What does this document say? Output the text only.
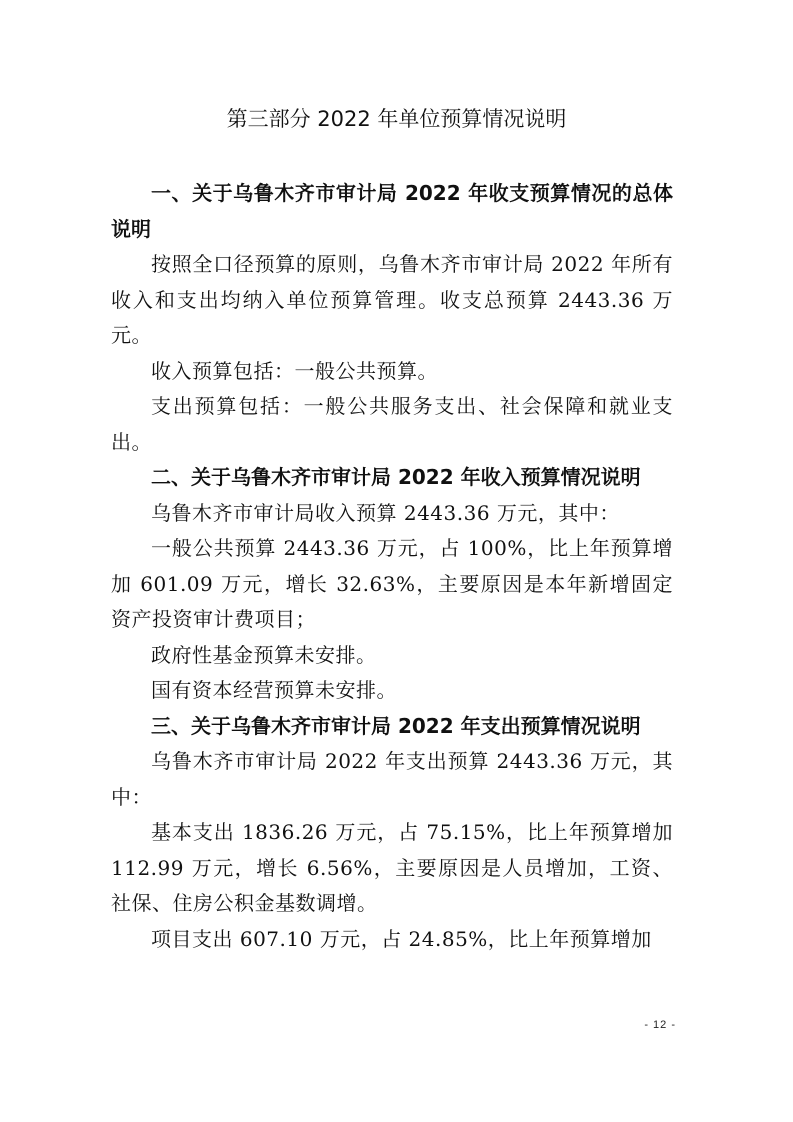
第三部分 2022 年单位预算情况说明

一、关于乌鲁木齐市审计局 2022 年收支预算情况的总体说明

按照全口径预算的原则，乌鲁木齐市审计局 2022 年所有收入和支出均纳入单位预算管理。收支总预算 2443.36 万元。

收入预算包括：一般公共预算。

支出预算包括：一般公共服务支出、社会保障和就业支出。

二、关于乌鲁木齐市审计局 2022 年收入预算情况说明

乌鲁木齐市审计局收入预算 2443.36 万元，其中：

一般公共预算 2443.36 万元，占 100%，比上年预算增加 601.09 万元，增长 32.63%，主要原因是本年新增固定资产投资审计费项目；

政府性基金预算未安排。

国有资本经营预算未安排。

三、关于乌鲁木齐市审计局 2022 年支出预算情况说明

乌鲁木齐市审计局 2022 年支出预算 2443.36 万元，其中：

基本支出 1836.26 万元，占 75.15%，比上年预算增加 112.99 万元，增长 6.56%，主要原因是人员增加，工资、社保、住房公积金基数调增。

项目支出 607.10 万元，占 24.85%，比上年预算增加

- 12 -
